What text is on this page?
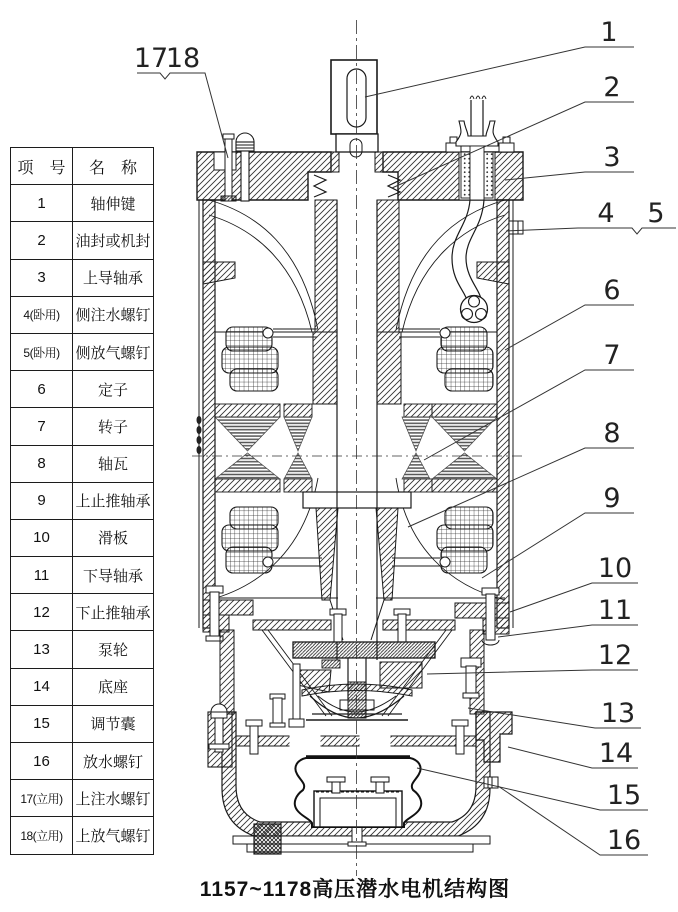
项　号	名　称
1	轴伸键
2	油封或机封
3	上导轴承
4(卧用)	侧注水螺钉
5(卧用)	侧放气螺钉
6	定子
7	转子
8	轴瓦
9	上止推轴承
10	滑板
11	下导轴承
12	下止推轴承
13	泵轮
14	底座
15	调节囊
16	放水螺钉
17(立用)	上注水螺钉
18(立用)	上放气螺钉
1
2
3
4 5
6
7
8
9
10
11
12
13
14
15
16
17
18
1157~1178高压潜水电机结构图
